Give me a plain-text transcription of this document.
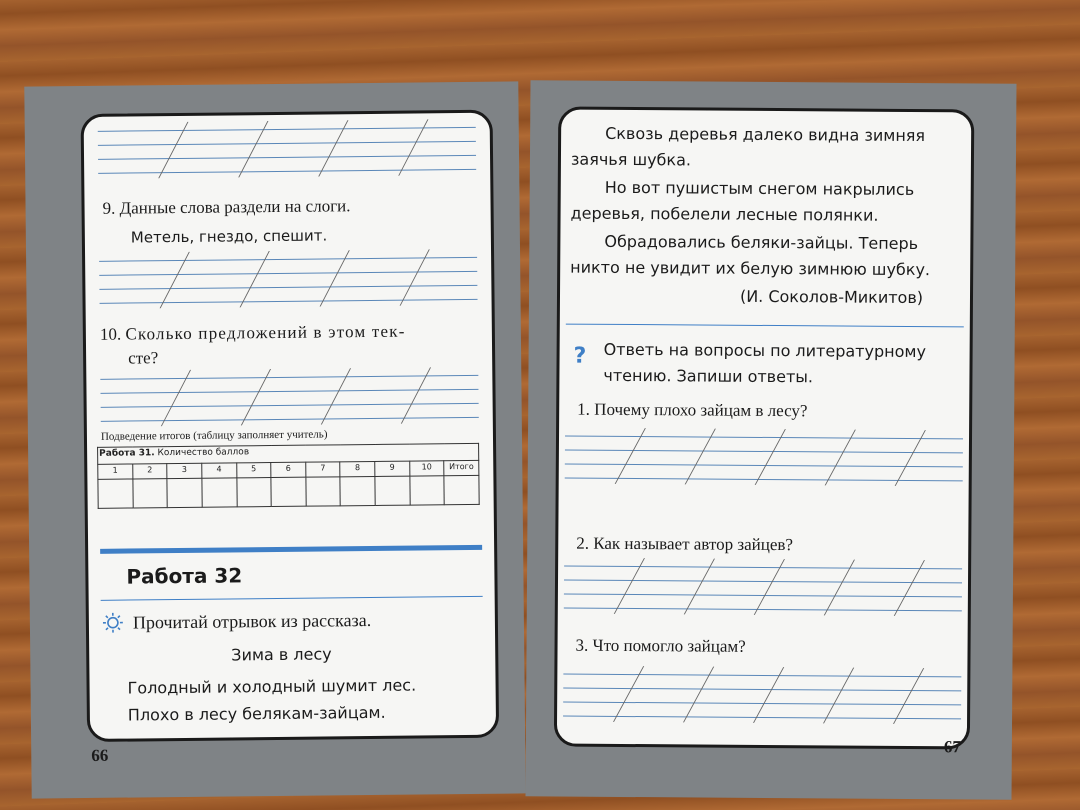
9. Данные слова раздели на слоги.
Метель, гнездо, спешит.
10. Сколько предложений в этом тек-
сте?
Подведение итогов (таблицу заполняет учитель)
Работа 31. Количество баллов										
1	2	3	4	5	6	7	8	9	10	Итого

Работа 32
Прочитай отрывок из рассказа.
Зима в лесу
Голодный и холодный шумит лес.
Плохо в лесу белякам-зайцам.
66
Сквозь деревья далеко видна зимняя
заячья шубка.
Но вот пушистым снегом накрылись
деревья, побелели лесные полянки.
Обрадовались беляки-зайцы. Теперь
никто не увидит их белую зимнюю шубку.
(И. Соколов-Микитов)
? Ответь на вопросы по литературному
чтению. Запиши ответы.
1. Почему плохо зайцам в лесу?
2. Как называет автор зайцев?
3. Что помогло зайцам?
67
